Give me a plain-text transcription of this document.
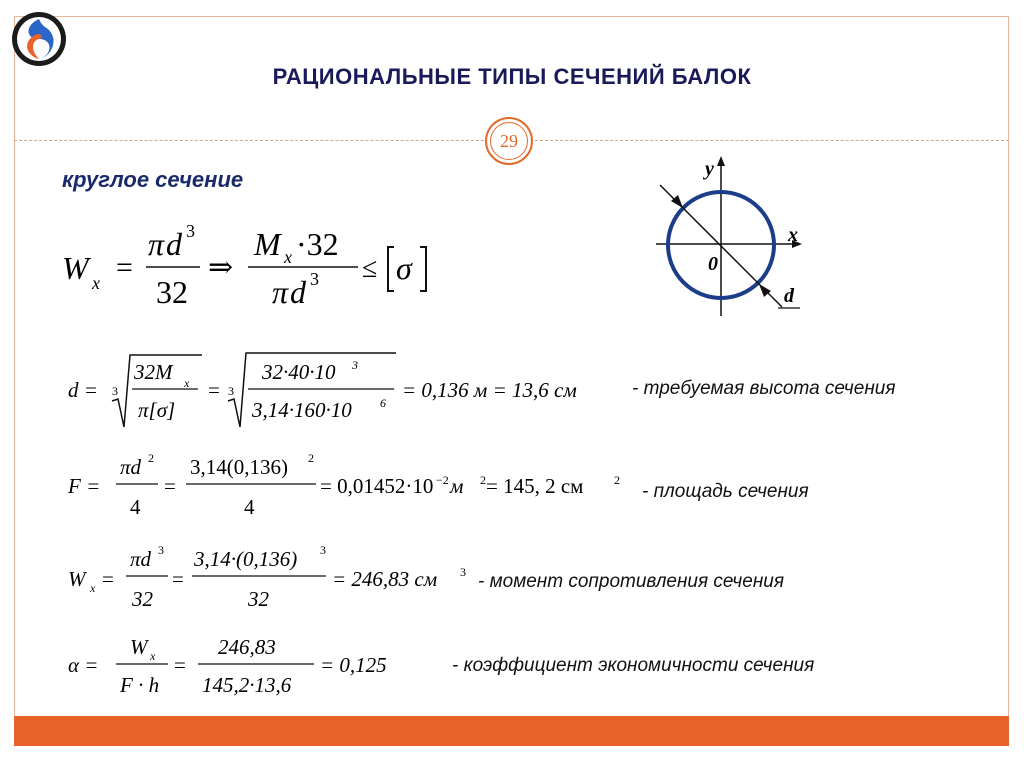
РАЦИОНАЛЬНЫЕ ТИПЫ СЕЧЕНИЙ БАЛОК
29
круглое сечение	y
x
0
d
W x =
π d 3
32
⇒
M x ·32
π d 3 ≤ σ
d = 3
32M x
π[σ]
= 3
32·40·10 3
3,14·160·10 6
= 0,136 м = 13,6 см	- требуемая высота сечения
F =
πd 2
4
=
3,14(0,136) 2
4
= 0,01452·10 −2 м 2 = 145, 2 см	2
- площадь сечения
W x =
πd 3
32
=
3,14·(0,136) 3
32
= 246,83 см 3 - момент сопротивления сечения
α =
W x
F · h
=
246,83
145,2·13,6
= 0,125	- коэффициент экономичности сечения
